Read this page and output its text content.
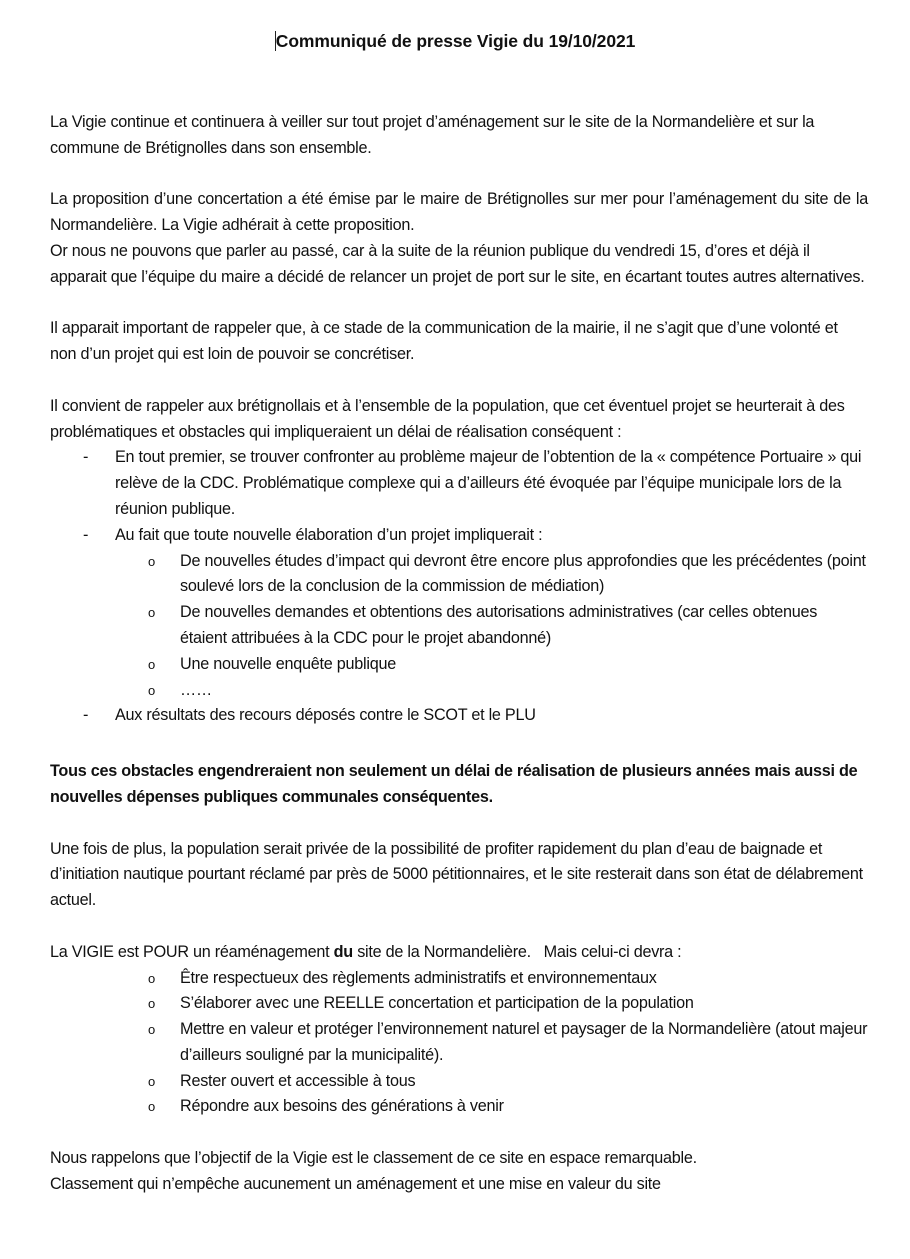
Communiqué de presse Vigie du 19/10/2021

La Vigie continue et continuera à veiller sur tout projet d’aménagement sur le site de la Normandelière et sur la commune de Brétignolles dans son ensemble.

La proposition d’une concertation a été émise par le maire de Brétignolles sur mer pour l’aménagement du site de la Normandelière. La Vigie adhérait à cette proposition.

Or nous ne pouvons que parler au passé, car à la suite de la réunion publique du vendredi 15, d’ores et déjà il apparait que l’équipe du maire a décidé de relancer un projet de port sur le site, en écartant toutes autres alternatives.

Il apparait important de rappeler que, à ce stade de la communication de la mairie, il ne s’agit que d’une volonté et non d’un projet qui est loin de pouvoir se concrétiser.

Il convient de rappeler aux brétignollais et à l’ensemble de la population, que cet éventuel projet se heurterait à des problématiques et obstacles qui impliqueraient un délai de réalisation conséquent :

- En tout premier, se trouver confronter au problème majeur de l’obtention de la « compétence Portuaire » qui relève de la CDC. Problématique complexe qui a d’ailleurs été évoquée par l’équipe municipale lors de la réunion publique.
- Au fait que toute nouvelle élaboration d’un projet impliquerait :
o De nouvelles études d’impact qui devront être encore plus approfondies que les précédentes (point soulevé lors de la conclusion de la commission de médiation)
o De nouvelles demandes et obtentions des autorisations administratives (car celles obtenues étaient attribuées à la CDC pour le projet abandonné)
o Une nouvelle enquête publique
o ……
- Aux résultats des recours déposés contre le SCOT et le PLU

Tous ces obstacles engendreraient non seulement un délai de réalisation de plusieurs années mais aussi de nouvelles dépenses publiques communales conséquentes.

Une fois de plus, la population serait privée de la possibilité de profiter rapidement du plan d’eau de baignade et d’initiation nautique pourtant réclamé par près de 5000 pétitionnaires, et le site resterait dans son état de délabrement actuel.

La VIGIE est POUR un réaménagement du site de la Normandelière.   Mais celui-ci devra :

o Être respectueux des règlements administratifs et environnementaux
o S’élaborer avec une REELLE concertation et participation de la population
o Mettre en valeur et protéger l’environnement naturel et paysager de la Normandelière (atout majeur d’ailleurs souligné par la municipalité).
o Rester ouvert et accessible à tous
o Répondre aux besoins des générations à venir

Nous rappelons que l’objectif de la Vigie est le classement de ce site en espace remarquable.

Classement qui n’empêche aucunement un aménagement et une mise en valeur du site
